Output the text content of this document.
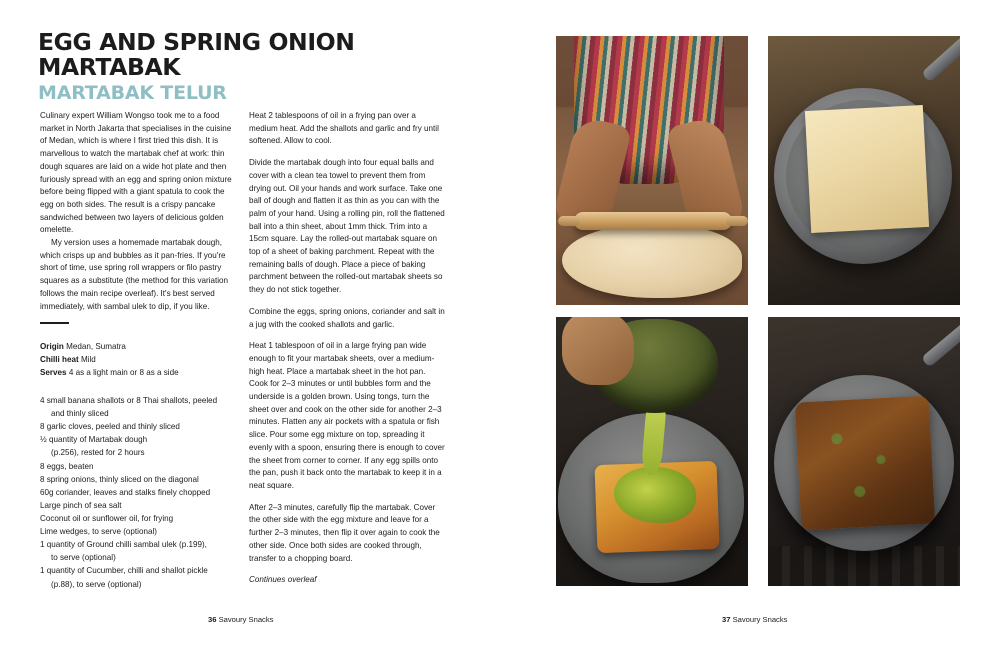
EGG AND SPRING ONION MARTABAK
MARTABAK TELUR

Culinary expert William Wongso took me to a food market in North Jakarta that specialises in the cuisine of Medan, which is where I first tried this dish. It is marvellous to watch the martabak chef at work: thin dough squares are laid on a wide hot plate and then furiously spread with an egg and spring onion mixture before being flipped with a giant spatula to cook the egg on both sides. The result is a crispy pancake sandwiched between two layers of delicious golden omelette.

My version uses a homemade martabak dough, which crisps up and bubbles as it pan-fries. If you're short of time, use spring roll wrappers or filo pastry squares as a substitute (the method for this variation follows the main recipe overleaf). It's best served immediately, with sambal ulek to dip, if you like.

Origin Medan, Sumatra
Chilli heat Mild
Serves 4 as a light main or 8 as a side
4 small banana shallots or 8 Thai shallots, peeled
and thinly sliced
8 garlic cloves, peeled and thinly sliced
½ quantity of Martabak dough
(p.256), rested for 2 hours
8 eggs, beaten
8 spring onions, thinly sliced on the diagonal
60g coriander, leaves and stalks finely chopped
Large pinch of sea salt
Coconut oil or sunflower oil, for frying
Lime wedges, to serve (optional)
1 quantity of Ground chilli sambal ulek (p.199),
to serve (optional)
1 quantity of Cucumber, chilli and shallot pickle
(p.88), to serve (optional)

Heat 2 tablespoons of oil in a frying pan over a medium heat. Add the shallots and garlic and fry until softened. Allow to cool.

Divide the martabak dough into four equal balls and cover with a clean tea towel to prevent them from drying out. Oil your hands and work surface. Take one ball of dough and flatten it as thin as you can with the palm of your hand. Using a rolling pin, roll the flattened ball into a thin sheet, about 1mm thick. Trim into a 15cm square. Lay the rolled-out martabak square on top of a sheet of baking parchment. Repeat with the remaining balls of dough. Place a piece of baking parchment between the rolled-out martabak sheets so they do not stick together.

Combine the eggs, spring onions, coriander and salt in a jug with the cooked shallots and garlic.

Heat 1 tablespoon of oil in a large frying pan wide enough to fit your martabak sheets, over a medium-high heat. Place a martabak sheet in the hot pan. Cook for 2–3 minutes or until bubbles form and the underside is a golden brown. Using tongs, turn the sheet over and cook on the other side for another 2–3 minutes. Flatten any air pockets with a spatula or fish slice. Pour some egg mixture on top, spreading it evenly with a spoon, ensuring there is enough to cover the sheet from corner to corner. If any egg spills onto the pan, push it back onto the martabak to keep it in a neat square.

After 2–3 minutes, carefully flip the martabak. Cover the other side with the egg mixture and leave for a further 2–3 minutes, then flip it over again to cook the other side. Once both sides are cooked through, transfer to a chopping board.

Continues overleaf
36 Savoury Snacks	37 Savoury Snacks
